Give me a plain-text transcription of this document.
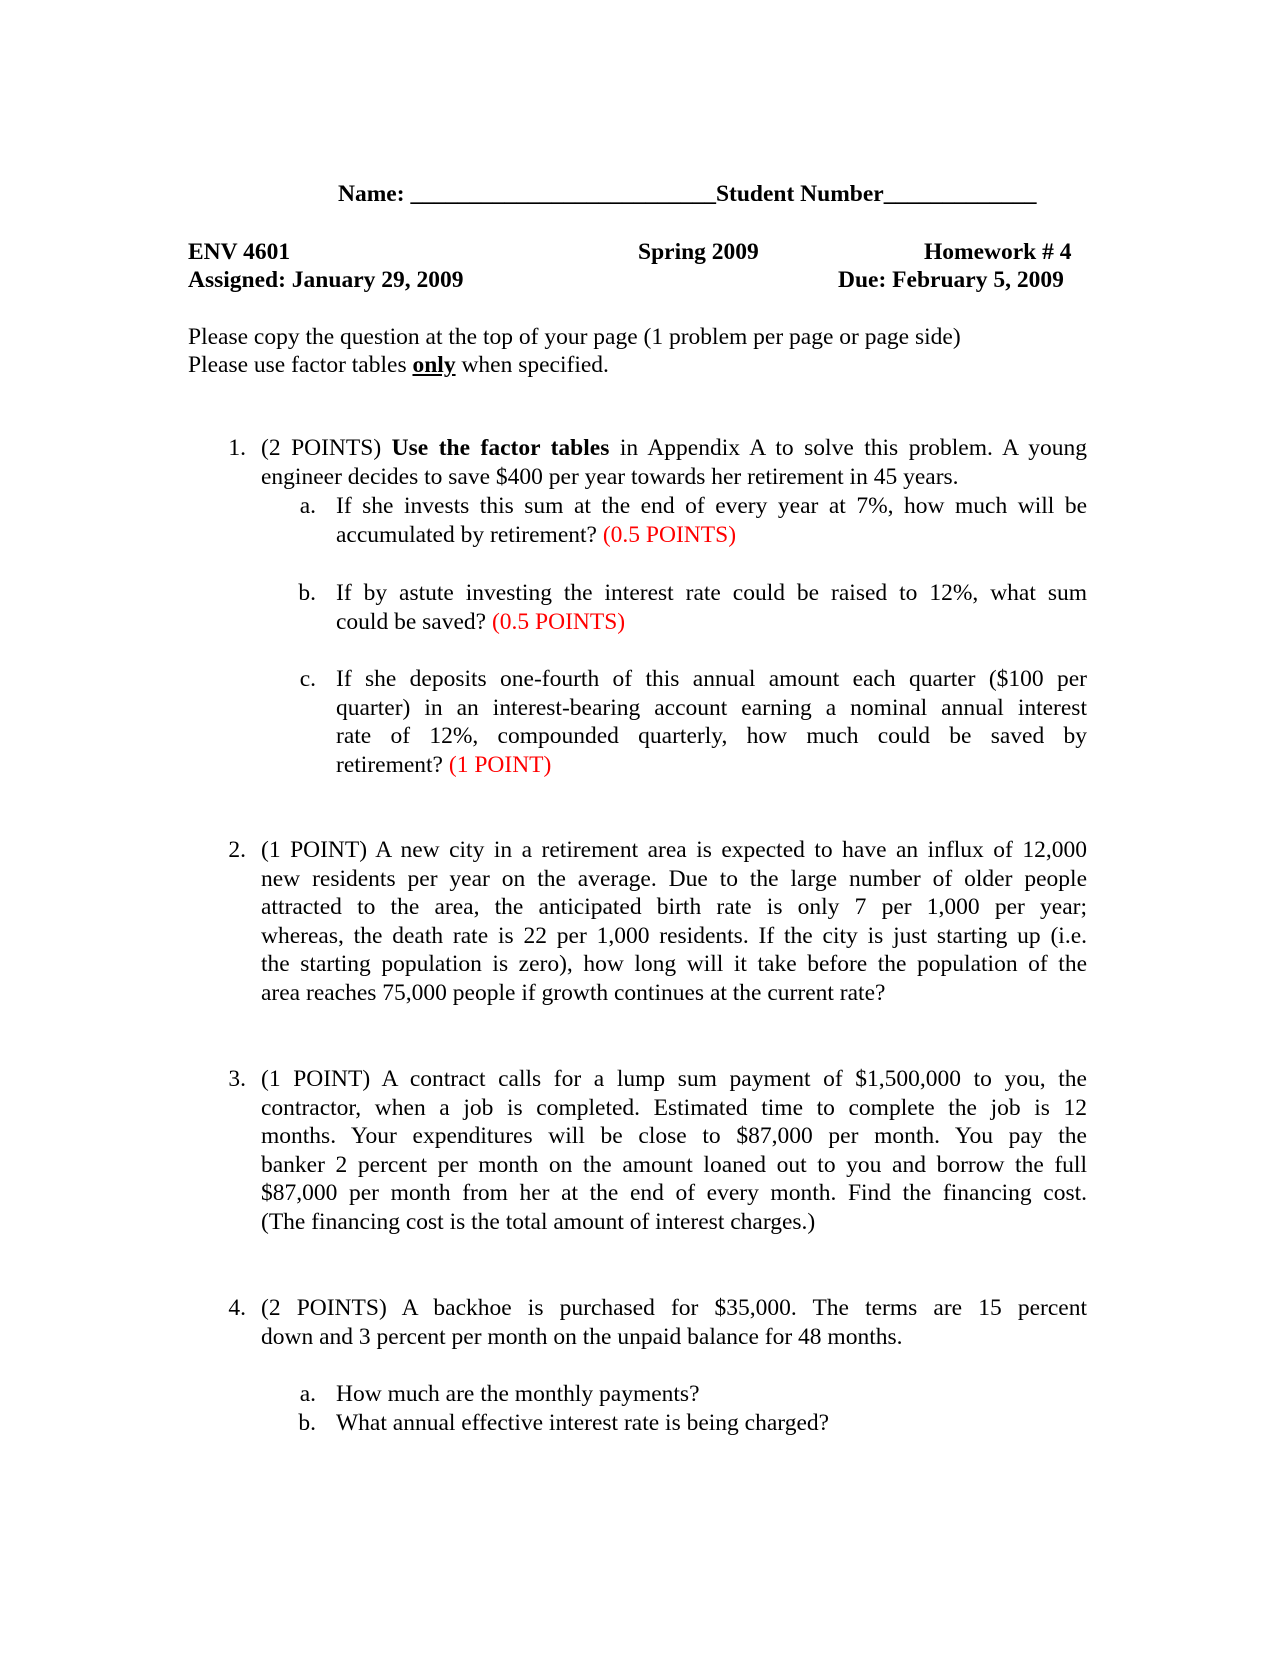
Name: __________________________Student Number_____________
ENV 4601	Spring 2009	Homework # 4
Assigned: January 29, 2009	Due: February 5, 2009
Please copy the question at the top of your page (1 problem per page or page side)
Please use factor tables only when specified.
1. (2 POINTS) Use the factor tables in Appendix A to solve this problem. A young
engineer decides to save $400 per year towards her retirement in 45 years.
a. If she invests this sum at the end of every year at 7%, how much will be
accumulated by retirement? (0.5 POINTS)
b. If by astute investing the interest rate could be raised to 12%, what sum
could be saved? (0.5 POINTS)
c. If she deposits one-fourth of this annual amount each quarter ($100 per
quarter) in an interest-bearing account earning a nominal annual interest
rate of 12%, compounded quarterly, how much could be saved by
retirement? (1 POINT)
2. (1 POINT) A new city in a retirement area is expected to have an influx of 12,000
new residents per year on the average. Due to the large number of older people
attracted to the area, the anticipated birth rate is only 7 per 1,000 per year;
whereas, the death rate is 22 per 1,000 residents. If the city is just starting up (i.e.
the starting population is zero), how long will it take before the population of the
area reaches 75,000 people if growth continues at the current rate?
3. (1 POINT) A contract calls for a lump sum payment of $1,500,000 to you, the
contractor, when a job is completed. Estimated time to complete the job is 12
months. Your expenditures will be close to $87,000 per month. You pay the
banker 2 percent per month on the amount loaned out to you and borrow the full
$87,000 per month from her at the end of every month. Find the financing cost.
(The financing cost is the total amount of interest charges.)
4. (2 POINTS) A backhoe is purchased for $35,000. The terms are 15 percent
down and 3 percent per month on the unpaid balance for 48 months.
a. How much are the monthly payments?
b. What annual effective interest rate is being charged?
